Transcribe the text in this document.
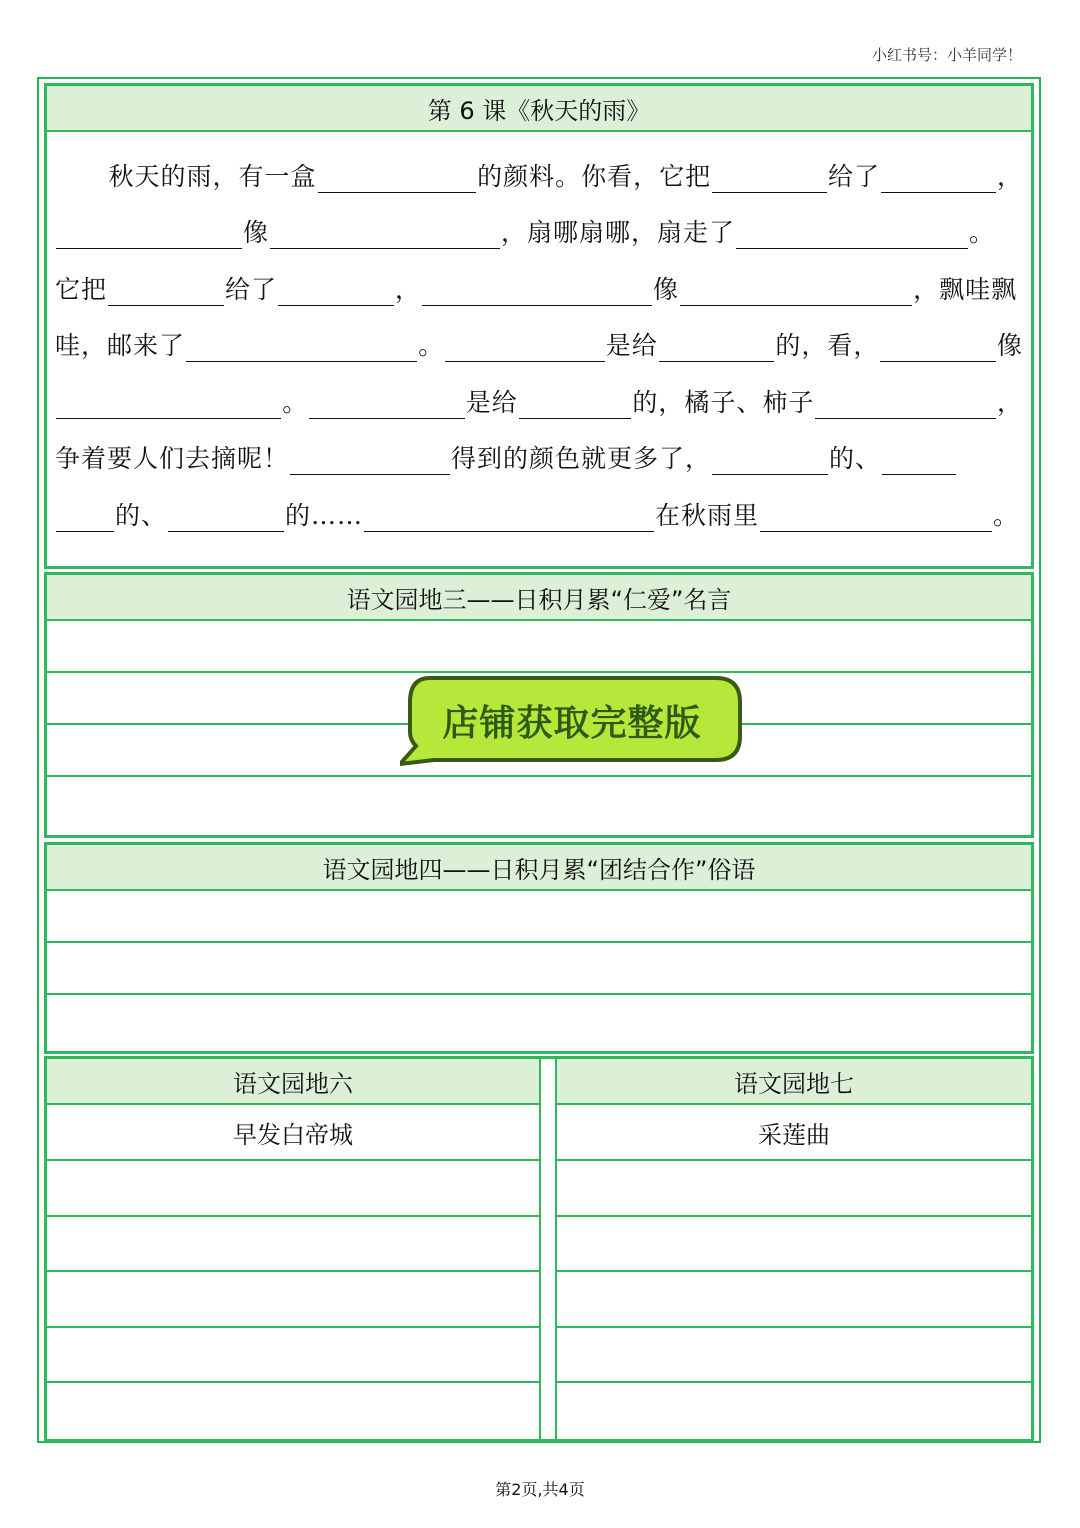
小红书号：小羊同学！
第 6 课《秋天的雨》
秋天的雨，有一盒	的颜料。你看，它把	给了	，
像	，扇哪扇哪，扇走了	。
它把	给了	，	像	，飘哇飘
哇，邮来了	。	是给	的，看，	像
。	是给	的，橘子、柿子	，
争着要人们去摘呢！	得到的颜色就更多了，	的、
的、	的……	在秋雨里	。
语文园地三——日积月累“仁爱”名言
语文园地四——日积月累“团结合作”俗语
语文园地六
早发白帝城
语文园地七
采莲曲
店铺获取完整版
第2页,共4页
